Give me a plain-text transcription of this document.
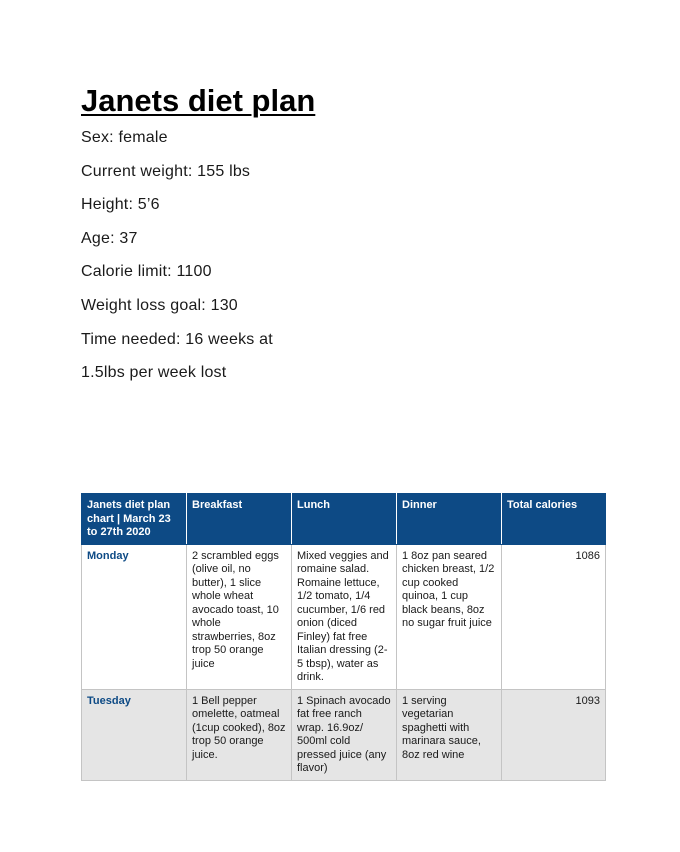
Janets diet plan
Sex: female
Current weight: 155 lbs
Height: 5’6
Age: 37
Calorie limit: 1100
Weight loss goal: 130
Time needed: 16 weeks at
1.5lbs per week lost
Janets diet plan chart | March 23 to 27th 2020	Breakfast	Lunch	Dinner	Total calories
Monday	2 scrambled eggs (olive oil, no butter), 1 slice whole wheat avocado toast, 10 whole strawberries, 8oz trop 50 orange juice	Mixed veggies and romaine salad. Romaine lettuce, 1/2 tomato, 1/4 cucumber, 1/6 red onion (diced Finley) fat free Italian dressing (2-5 tbsp), water as drink.	1 8oz pan seared chicken breast, 1/2 cup cooked quinoa, 1 cup black beans, 8oz no sugar fruit juice	1086
Tuesday	1 Bell pepper omelette, oatmeal (1cup cooked), 8oz trop 50 orange juice.	1 Spinach avocado fat free ranch wrap. 16.9oz/ 500ml cold pressed juice (any flavor)	1 serving vegetarian spaghetti with marinara sauce, 8oz red wine	1093
